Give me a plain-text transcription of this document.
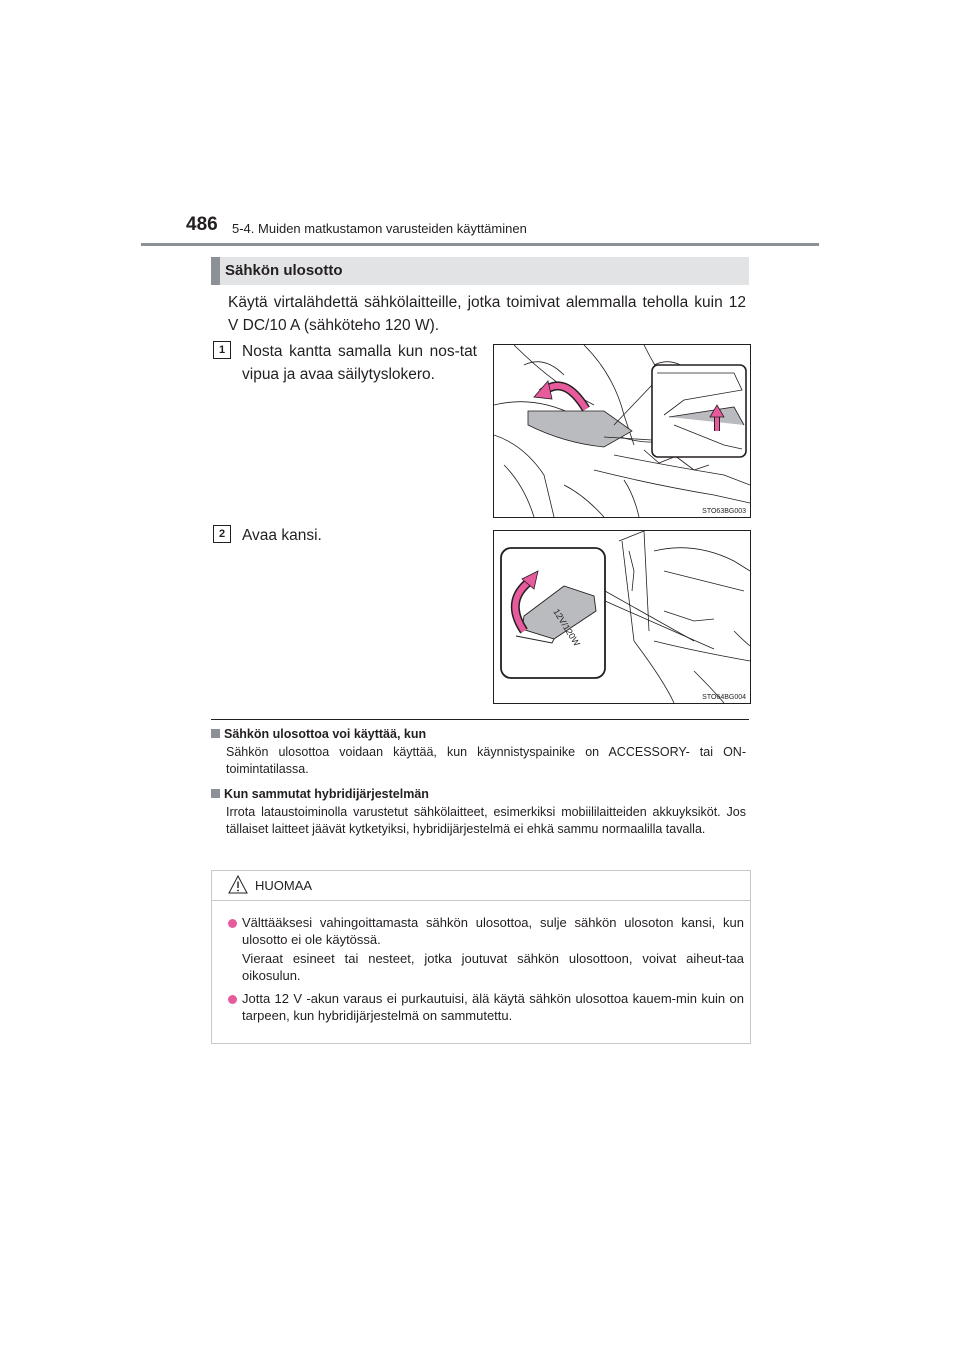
486 5-4. Muiden matkustamon varusteiden käyttäminen
Sähkön ulosotto
Käytä virtalähdettä sähkölaitteille, jotka toimivat alemmalla teholla kuin 12 V DC/10 A (sähköteho 120 W).
1	Nosta kantta samalla kun nos-tat vipua ja avaa säilytyslokero.
STO63BG003
2	Avaa kansi.
12V/120W
STO64BG004
Sähkön ulosottoa voi käyttää, kun
Sähkön ulosottoa voidaan käyttää, kun käynnistyspainike on ACCESSORY- tai ON-toimintatilassa.
Kun sammutat hybridijärjestelmän
Irrota lataustoiminolla varustetut sähkölaitteet, esimerkiksi mobiililaitteiden akkuyksiköt. Jos tällaiset laitteet jäävät kytketyiksi, hybridijärjestelmä ei ehkä sammu normaalilla tavalla.
HUOMAA
Välttääksesi vahingoittamasta sähkön ulosottoa, sulje sähkön ulosoton kansi, kun ulosotto ei ole käytössä.
Vieraat esineet tai nesteet, jotka joutuvat sähkön ulosottoon, voivat aiheut-taa oikosulun.
Jotta 12 V -akun varaus ei purkautuisi, älä käytä sähkön ulosottoa kauem-min kuin on tarpeen, kun hybridijärjestelmä on sammutettu.
